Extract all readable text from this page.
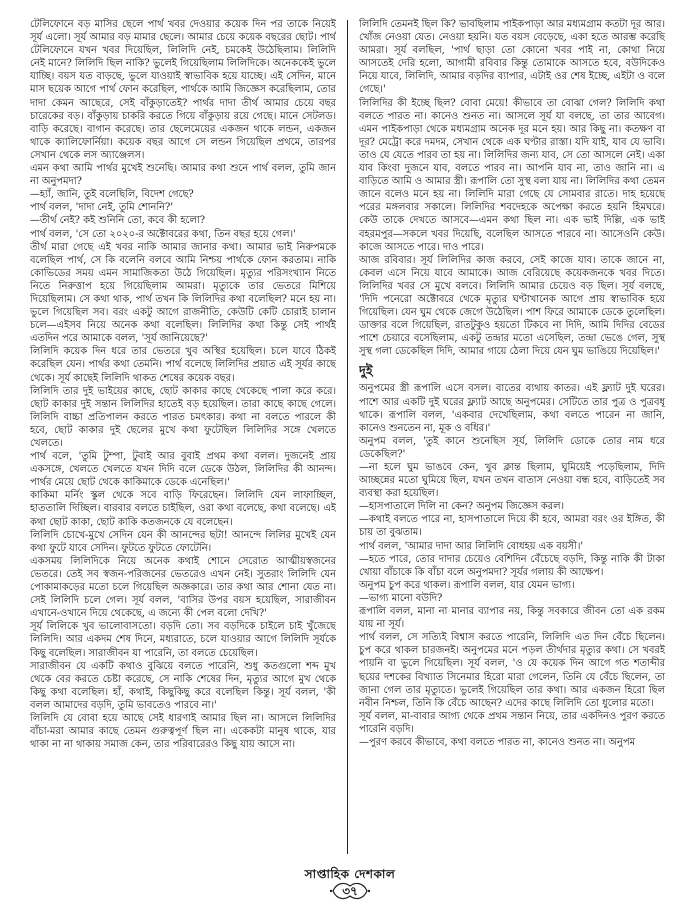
টেলিফোনে বড় মাসির ছেলে পার্থ খবর দেওয়ার কয়েক দিন পর তাকে নিয়েই সূর্য এলো। সূর্য আমার বড় মামার ছেলে। আমার চেয়ে কয়েক বছরের ছোট। পার্থ টেলিফোনে যখন খবর দিয়েছিল, লিলিদি নেই, চমকেই উঠেছিলাম। লিলিদি নেই মানে? লিলিদি ছিল নাকি? ভুলেই গিয়েছিলাম লিলিদিকে। অনেককেই ভুলে যাচ্ছি। বয়স যত বাড়ছে, ভুলে যাওয়াই স্বাভাবিক হয়ে যাচ্ছে। এই সেদিন, মানে মাস ছয়েক আগে পার্থ ফোন করেছিল, পার্থকে আমি জিজ্ঞেস করেছিলাম, তোর দাদা কেমন আছেরে, সেই বাঁকুড়াতেই? পার্থর দাদা তীর্থ আমার চেয়ে বছর চারেকের বড়। বাঁকুড়ায় চাকরি করতে গিয়ে বাঁকুড়ায় রয়ে গেছে। মানে সেটলড। বাড়ি করেছে। বাগান করেছে। তার ছেলেমেয়ের একজন থাকে লন্ডন, একজন থাকে ক্যালিফোর্নিয়া। কয়েক বছর আগে সে লন্ডন গিয়েছিল প্রথমে, তারপর সেখান থেকে লস অ্যাঞ্জেলস।

এমন কথা আমি পার্থর মুখেই শুনেছি। আমার কথা শুনে পার্থ বলল, তুমি জান না অনুপমদা?

—হ্যাঁ, জানি, তুই বলেছিলি, বিদেশ গেছে?

পার্থ বলল, 'দাদা নেই, তুমি শোননি?'

—তীর্থ নেই? কই শুনিনি তো, কবে কী হলো?

পার্থ বলল, 'সে তো ২০২০-র অক্টোবরের কথা, তিন বছর হয়ে গেল।'

তীর্থ মারা গেছে এই খবর নাকি আমার জানার কথা। আমার ভাই নিরুপমকে বলেছিল পার্থ, সে কি বলেনি বলবে আমি নিশ্চয় পার্থকে ফোন করতাম। নাকি কোভিডের সময় এমন সামাজিকতা উঠে গিয়েছিল। মৃত্যুর পরিসংখ্যান নিতে নিতে নিরুত্তাপ হয়ে গিয়েছিলাম আমরা। মৃত্যুকে তার ভেতরে মিশিয়ে দিয়েছিলাম। সে কথা থাক, পার্থ তখন কি লিলিদির কথা বলেছিল? মনে হয় না। ভুলে গিয়েছিল সব। বরং একটু আগে রাজনীতি, কেউটি কেটি চোরাই চালান চলে—এইসব নিয়ে অনেক কথা বলেছিল। লিলিদির কথা কিন্তু সেই পার্থই এতদিন পরে আমাকে বলল, 'সূর্য জানিয়েছে?'

লিলিদি কয়েক দিন ধরে তার ভেতরে খুব অস্থির হয়েছিল। চলে যাবে ঠিকই করেছিল যেন। পার্থর কথা তেমনি। পার্থ বলেছে লিলিদির প্রয়াত এই সূর্যর কাছে থেকে। সূর্য কাছেই লিলিদি থাকত শেষের কয়েক বছর।

লিলিদি তার দুই ভাইয়ের কাছে, ছোট কাকার কাছে থেকেছে পালা করে করে। ছোট কাকার দুই সন্তান লিলিদির হাতেই বড় হয়েছিল। তারা কাছে কাছে গেলে। লিলিদি বাচ্চা প্রতিপালন করতে পারত চমৎকার। কথা না বলতে পারলে কী হবে, ছোট কাকার দুই ছেলের মুখে কথা ফুটেছিল লিলিদির সঙ্গে খেলতে খেলতে।

পার্থ বলে, 'তুমি টুম্পা, টুবাই আর বুবাই প্রথম কথা বলল। দুজনেই প্রায় একসঙ্গে, খেলতে খেলতে যখন দিদি বলে ডেকে উঠল, লিলিদির কী আনন্দ। পার্থর মেয়ে ছোট থেকে কাকিমাকে ডেকে এনেছিল।'

কাকিমা মর্নিং স্কুল থেকে সবে বাড়ি ফিরেছেন। লিলিদি যেন লাফাচ্ছিল, হাততালি দিচ্ছিল। বারবার বলতে চাইছিল, ওরা কথা বলেছে, কথা বলেছে। এই কথা ছোট কাকা, ছোট কাকি কতজনকে যে বলেছেন।

লিলিদি চোখে-মুখে সেদিন যেন কী আনন্দের ছটা! আনন্দে লিলির মুখেই যেন কথা ফুটে যাবে সেদিন। ফুটতে ফুটতে ফোটেনি।

একসময় লিলিদিকে নিয়ে অনেক কথাই শোনে সেরোত আত্মীয়স্বজনের ভেতরে। তেই সব স্বজন-পরিজনের ভেতরেও এখন নেই। সুতরাং লিলিদি যেন পোকামাকড়ের মতো চলে গিয়েছিল অজ্ঞকারে। তার কথা আর শোনা যেত না। সেই লিলিদি চলে গেল। সূর্য বলল, 'বাসির উপর বয়স হয়েছিল, সারাজীবন এখানে-ওখানে দিয়ে থেকেছে, এ জন্যে কী পেল বলো দেখি?'

সূর্য লিলিকে খুব ভালোবাসতো। বড়দি তো। সব বড়দিকে চাইলে চাই খুঁজেছে লিলিদি। আর একদম শেষ দিনে, মধ্যরাতে, চলে যাওয়ার আগে লিলিদি সূর্যকে কিছু বলেছিল। সারাজীবন যা পারেনি, তা বলতে চেয়েছিল।

সারাজীবন যে একটি কথাও বুঝিয়ে বলতে পারেনি, শুধু কতগুলো শব্দ মুখ থেকে বের করতে চেষ্টা করেছে, সে নাকি শেষের দিন, মৃত্যুর আগে মুখ থেকে কিছু কথা বলেছিল। হাঁ, কথাই, কিছুকিছু করে বলেছিল কিন্তু। সূর্য বলল, 'কী বলল আমাদের বড়দি, তুমি ভাবতেও পারবে না।'

লিলিদি যে বোবা হয়ে আছে সেই ধারণাই আমার ছিল না। আসলে লিলিদির বাঁচা-মরা আমার কাছে তেমন গুরুত্বপূর্ণ ছিল না। একেকটা মানুষ থাকে, যার থাকা না না থাকায় সমাজ কেন, তার পরিবারেরও কিছু যায় আসে না।

লিলিদি তেমনই ছিল কি? ভাবছিলাম পাইকপাড়া আর মধ্যমগ্রাম কতটা দূর আর। খোঁজ নেওয়া যেত। নেওয়া হয়নি। যত বয়স বেড়েছে, একা হতে আরম্ভ করেছি আমরা। সূর্য বলছিল, 'পার্থ ছাড়া তো কোনো খবর পাই না, কোথা নিয়ে আসতেই দেরি হলো, আগামী রবিবার কিন্তু তোমাকে আসতে হবে, বউদিকেও নিয়ে যাবে, লিলিদি, আমার বড়দির ব্যাপার, এটাই ওর শেষ ইচ্ছে, এইটা ও বলে গেছে।'

লিলিদির কী ইচ্ছে ছিল? বোবা মেয়ে! কীভাবে তা বোঝা গেল? লিলিদি কথা বলতে পারত না। কানেও শুনত না। আসলে সূর্য যা বলছে, তা তার আবেগ। এমন পাইকপাড়া থেকে মধ্যমগ্রাম অনেক দূর মনে হয়। আর কিছু না। কতক্ষণ বা দূর? মেট্রো করে দমদম, সেখান থেকে এক ঘণ্টার রাস্তা। যদি যাই, যাব যে ভাবি। তাও যে যেতে পারব তা হয় না। লিলিদির জন্য যাব, সে তো আসলে নেই। একা যাব কিংবা দুজনে যাব, বলতে পারব না। আপনি যাব না, তাও জানি না। এ বাড়িতে আমি ও আমার স্ত্রী। রূপালি তো সুস্থ বলা যায় না। লিলিদির কথা তেমন জানে বলেও মনে হয় না। লিলিদি মারা গেছে যে সোমবার রাতে। দাহ হয়েছে পরের মঙ্গলবার সকালে। লিলিদির শবদেহকে অপেক্ষা করতে হয়নি হিমঘরে। কেউ তাকে দেখতে আসবে—এমন কথা ছিল না। এক ভাই দিল্লি, এক ভাই বহরমপুর—সকলে খবর দিয়েছি, বলেছিল আসতে পারবে না। আসেওনি কেউ। কাজে আসতে পারে। দাও পারে।

আজ রবিবার। সূর্য লিলিদির কাজ করবে, সেই কাজে যাব। তাকে জানে না, কেবল এসে নিয়ে যাবে আমাকে। আজ বেরিয়েছে কয়েকজনকে খবর দিতে। লিলিদির খবর সে মুখে বলবে। লিলিদি আমার চেয়েও বড় ছিল। সূর্য বলছে, 'দিদি পনেরো অক্টোবরে থেকে মৃত্যুর ঘণ্টাখানেক আগে প্রায় স্বাভাবিক হয়ে গিয়েছিল। যেন ঘুম থেকে জেগে উঠেছিল। পাশ ফিরে আমাকে ডেকে তুলেছিল। ডাক্তার বলে গিয়েছিল, রাতটুকুও হয়তো টিকবে না দিদি, আমি দিদির বেডের পাশে চেয়ারে বসেছিলাম, একটু তন্দ্রার মতো এসেছিল, তন্দ্রা ভেঙে গেল, সুস্থ সুস্থ গলা ডেকেছিল দিদি, আমার গায়ে ঠেলা দিয়ে যেন ঘুম ভাঙিয়ে দিয়েছিল।'

দুই

অনুপমের স্ত্রী রূপালি এসে বসল। বাতের ব্যথায় কাতর। এই ফ্ল্যাট দুই ঘরের। পাশে আর একটি দুই ঘরের ফ্ল্যাট আছে অনুপমের। সেটিতে তার পুত্র ও পুত্রবধূ থাকে। রূপালি বলল, 'একবার দেখেছিলাম, কথা বলতে পারেন না জানি, কানেও শুনতেন না, মূক ও বধির।'

অনুপম বলল, 'তুই কানে শুনেছিস সূর্য, লিলিদি ডোকে তোর নাম ধরে ডেকেছিল?'

—না হলে ঘুম ভাঙবে কেন, খুব ক্লান্ত ছিলাম, ঘুমিয়েই পড়েছিলাম, দিদি আচ্ছন্নের মতো ঘুমিয়ে ছিল, যখন তখন বাতাস নেওয়া বন্ধ হবে, বাড়িতেই সব ব্যবস্থা করা হয়েছিল।

—হাসপাতালে দিলি না কেন? অনুপম জিজ্ঞেস করল।

—কথাই বলতে পারে না, হাসপাতালে দিয়ে কী হবে, আমরা বরং ওর ইঙ্গিত, কী চায় তা বুঝতাম।

পার্থ বলল, 'আমার দাদা আর লিলিদি বোধহয় এক বয়সী।'

—হতে পারে, তোর দাদার চেয়েও বেশিদিন বেঁচেছে বড়দি, কিন্তু নাকি কী টাকা খোয়া বাঁচাকে কি বাঁচা বলে অনুপমদা? সূর্যর গলায় কী আক্ষেপ।

অনুপম চুপ করে থাকল। রূপালি বলল, যার যেমন ভাগ্য।

—ভাগ্য মানো বউদি?

রূপালি বলল, মানা না মানার ব্যাপার নয়, কিন্তু সবকারে জীবন তো এক রকম যায় না সূর্য।

পার্থ বলল, সে সত্যিই বিশ্বাস করতে পারেনি, লিলিদি এত দিন বেঁচে ছিলেন। চুপ করে থাকল চারজনই। অনুপমের মনে পড়ল তীর্থদার মৃত্যুর কথা। সে খবরই পায়নি বা ভুলে গিয়েছিল। সূর্য বলল, 'ও যে কয়েক দিন আগে গত শতাব্দীর ছয়ের দশকের বিখ্যাত সিনেমার হিরো মারা গেলেন, তিনি যে বেঁচে ছিলেন, তা জানা গেল তার মৃত্যুতে। ভুলেই গিয়েছিল তার কথা। আর একজন হিরো ছিল নবীন নিশ্চল, তিনি কি বেঁচে আছেন? এদের কাছে লিলিদি তো ধুলোর মতো।

সূর্য বলল, মা-বাবার আগ্য থেকে প্রথম সন্তান নিয়ে, তার একদিনও পুরণ করতে পারেনি বড়দি।

—পুরণ করবে কীভাবে, কথা বলতে পারত না, কানেও শুনত না। অনুপম

সাপ্তাহিক দেশকাল
৩৭
